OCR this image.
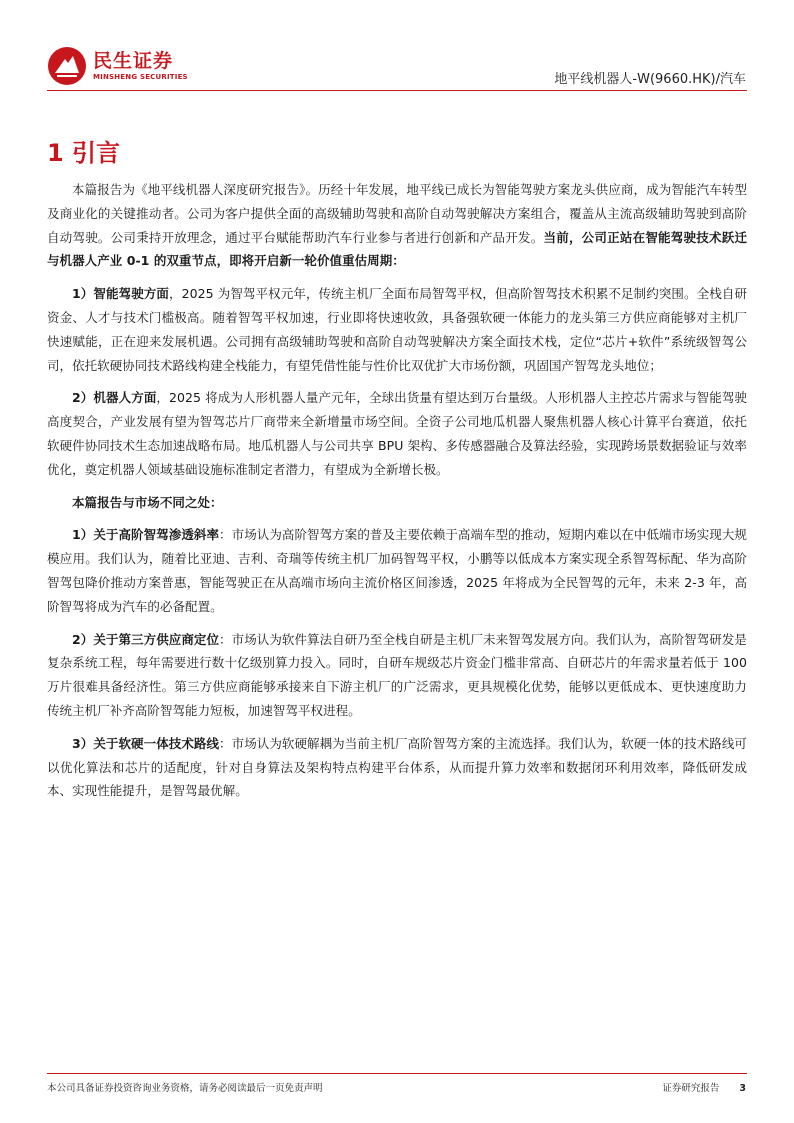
民生证券
MINSHENG SECURITIES	地平线机器人-W(9660.HK)/汽车
1 引言

本篇报告为《地平线机器人深度研究报告》。历经十年发展，地平线已成长为智能驾驶方案龙头供应商，成为智能汽车转型及商业化的关键推动者。公司为客户提供全面的高级辅助驾驶和高阶自动驾驶解决方案组合，覆盖从主流高级辅助驾驶到高阶自动驾驶。公司秉持开放理念，通过平台赋能帮助汽车行业参与者进行创新和产品开发。当前，公司正站在智能驾驶技术跃迁与机器人产业 0-1 的双重节点，即将开启新一轮价值重估周期：

1）智能驾驶方面，2025 为智驾平权元年，传统主机厂全面布局智驾平权，但高阶智驾技术积累不足制约突围。全栈自研资金、人才与技术门槛极高。随着智驾平权加速，行业即将快速收敛，具备强软硬一体能力的龙头第三方供应商能够对主机厂快速赋能，正在迎来发展机遇。公司拥有高级辅助驾驶和高阶自动驾驶解决方案全面技术栈，定位“芯片+软件”系统级智驾公司，依托软硬协同技术路线构建全栈能力，有望凭借性能与性价比双优扩大市场份额，巩固国产智驾龙头地位；

2）机器人方面，2025 将成为人形机器人量产元年，全球出货量有望达到万台量级。人形机器人主控芯片需求与智能驾驶高度契合，产业发展有望为智驾芯片厂商带来全新增量市场空间。全资子公司地瓜机器人聚焦机器人核心计算平台赛道，依托软硬件协同技术生态加速战略布局。地瓜机器人与公司共享 BPU 架构、多传感器融合及算法经验，实现跨场景数据验证与效率优化，奠定机器人领域基础设施标准制定者潜力，有望成为全新增长极。

本篇报告与市场不同之处：

1）关于高阶智驾渗透斜率：市场认为高阶智驾方案的普及主要依赖于高端车型的推动，短期内难以在中低端市场实现大规模应用。我们认为，随着比亚迪、吉利、奇瑞等传统主机厂加码智驾平权，小鹏等以低成本方案实现全系智驾标配、华为高阶智驾包降价推动方案普惠，智能驾驶正在从高端市场向主流价格区间渗透，2025 年将成为全民智驾的元年，未来 2-3 年，高阶智驾将成为汽车的必备配置。

2）关于第三方供应商定位：市场认为软件算法自研乃至全栈自研是主机厂未来智驾发展方向。我们认为，高阶智驾研发是复杂系统工程，每年需要进行数十亿级别算力投入。同时，自研车规级芯片资金门槛非常高、自研芯片的年需求量若低于 100 万片很难具备经济性。第三方供应商能够承接来自下游主机厂的广泛需求，更具规模化优势，能够以更低成本、更快速度助力传统主机厂补齐高阶智驾能力短板，加速智驾平权进程。

3）关于软硬一体技术路线：市场认为软硬解耦为当前主机厂高阶智驾方案的主流选择。我们认为，软硬一体的技术路线可以优化算法和芯片的适配度，针对自身算法及架构特点构建平台体系，从而提升算力效率和数据闭环利用效率，降低研发成本、实现性能提升，是智驾最优解。

本公司具备证券投资咨询业务资格，请务必阅读最后一页免责声明	证券研究报告 3
